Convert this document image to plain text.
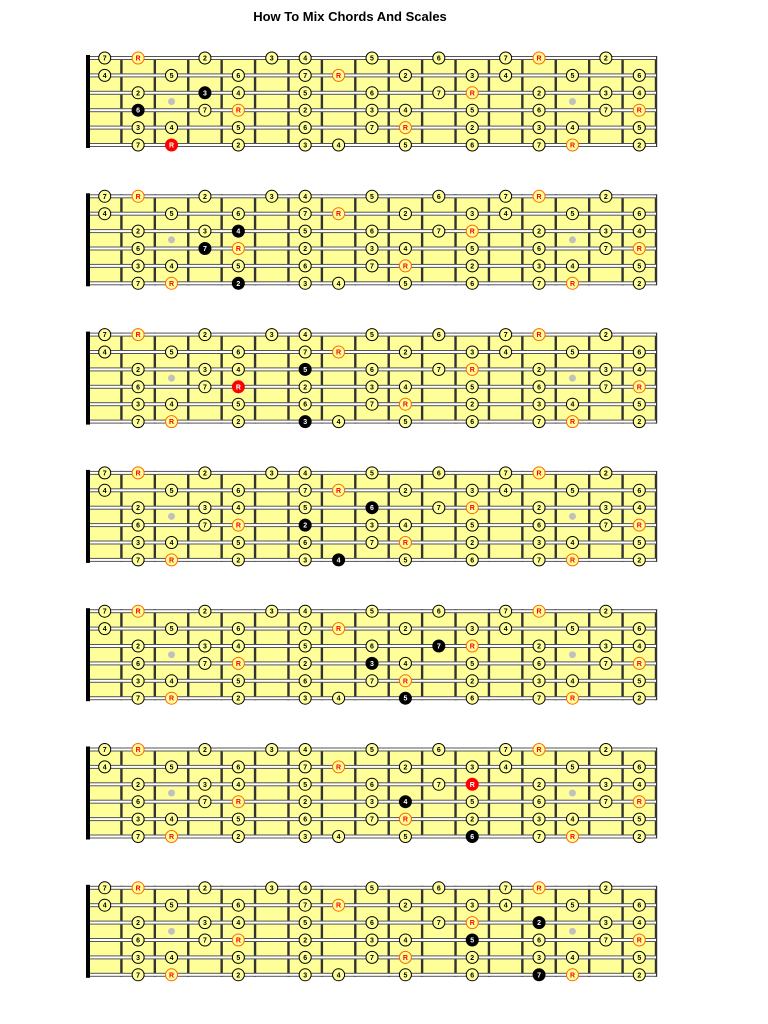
How To Mix Chords And Scales
7	R	2	3	4	5	6	7	R	2
4	5	6	7	R	2	3	4	5	6
2	3	4	5	6	7	R	2	3	4
6	7	R	2	3	4	5	6	7	R
3	4	5	6	7	R	2	3	4	5
7	R	2	3	4	5	6	7	R	2
7	R	2	3	4	5	6	7	R	2
4	5	6	7	R	2	3	4	5	6
2	3	4	5	6	7	R	2	3	4
6	7	R	2	3	4	5	6	7	R
3	4	5	6	7	R	2	3	4	5
7	R	2	3	4	5	6	7	R	2
7	R	2	3	4	5	6	7	R	2
4	5	6	7	R	2	3	4	5	6
2	3	4	5	6	7	R	2	3	4
6	7	R	2	3	4	5	6	7	R
3	4	5	6	7	R	2	3	4	5
7	R	2	3	4	5	6	7	R	2
7	R	2	3	4	5	6	7	R	2
4	5	6	7	R	2	3	4	5	6
2	3	4	5	6	7	R	2	3	4
6	7	R	2	3	4	5	6	7	R
3	4	5	6	7	R	2	3	4	5
7	R	2	3	4	5	6	7	R	2
7	R	2	3	4	5	6	7	R	2
4	5	6	7	R	2	3	4	5	6
2	3	4	5	6	7	R	2	3	4
6	7	R	2	3	4	5	6	7	R
3	4	5	6	7	R	2	3	4	5
7	R	2	3	4	5	6	7	R	2
7	R	2	3	4	5	6	7	R	2
4	5	6	7	R	2	3	4	5	6
2	3	4	5	6	7	R	2	3	4
6	7	R	2	3	4	5	6	7	R
3	4	5	6	7	R	2	3	4	5
7	R	2	3	4	5	6	7	R	2
7	R	2	3	4	5	6	7	R	2
4	5	6	7	R	2	3	4	5	6
2	3	4	5	6	7	R	2	3	4
6	7	R	2	3	4	5	6	7	R
3	4	5	6	7	R	2	3	4	5
7	R	2	3	4	5	6	7	R	2
